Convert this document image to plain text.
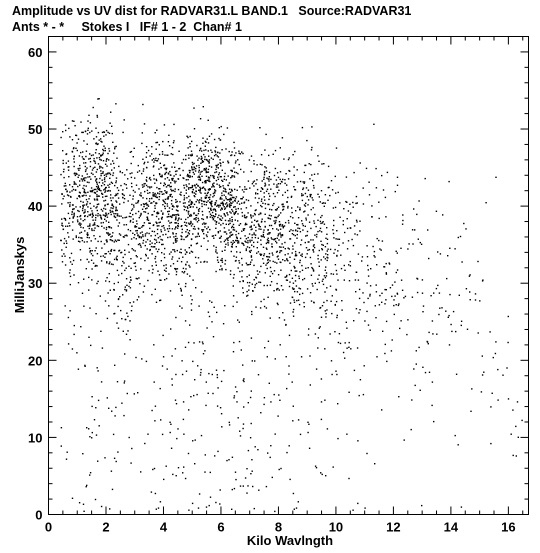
Amplitude vs UV dist for RADVAR31.L BAND.1   Source:RADVAR31
Ants * - *     Stokes I   IF# 1 - 2  Chan# 1
0	2	4	6	8	10	12	14	16
0
10
20
30
40
50
60
Kilo Wavlngth
MilliJanskys
